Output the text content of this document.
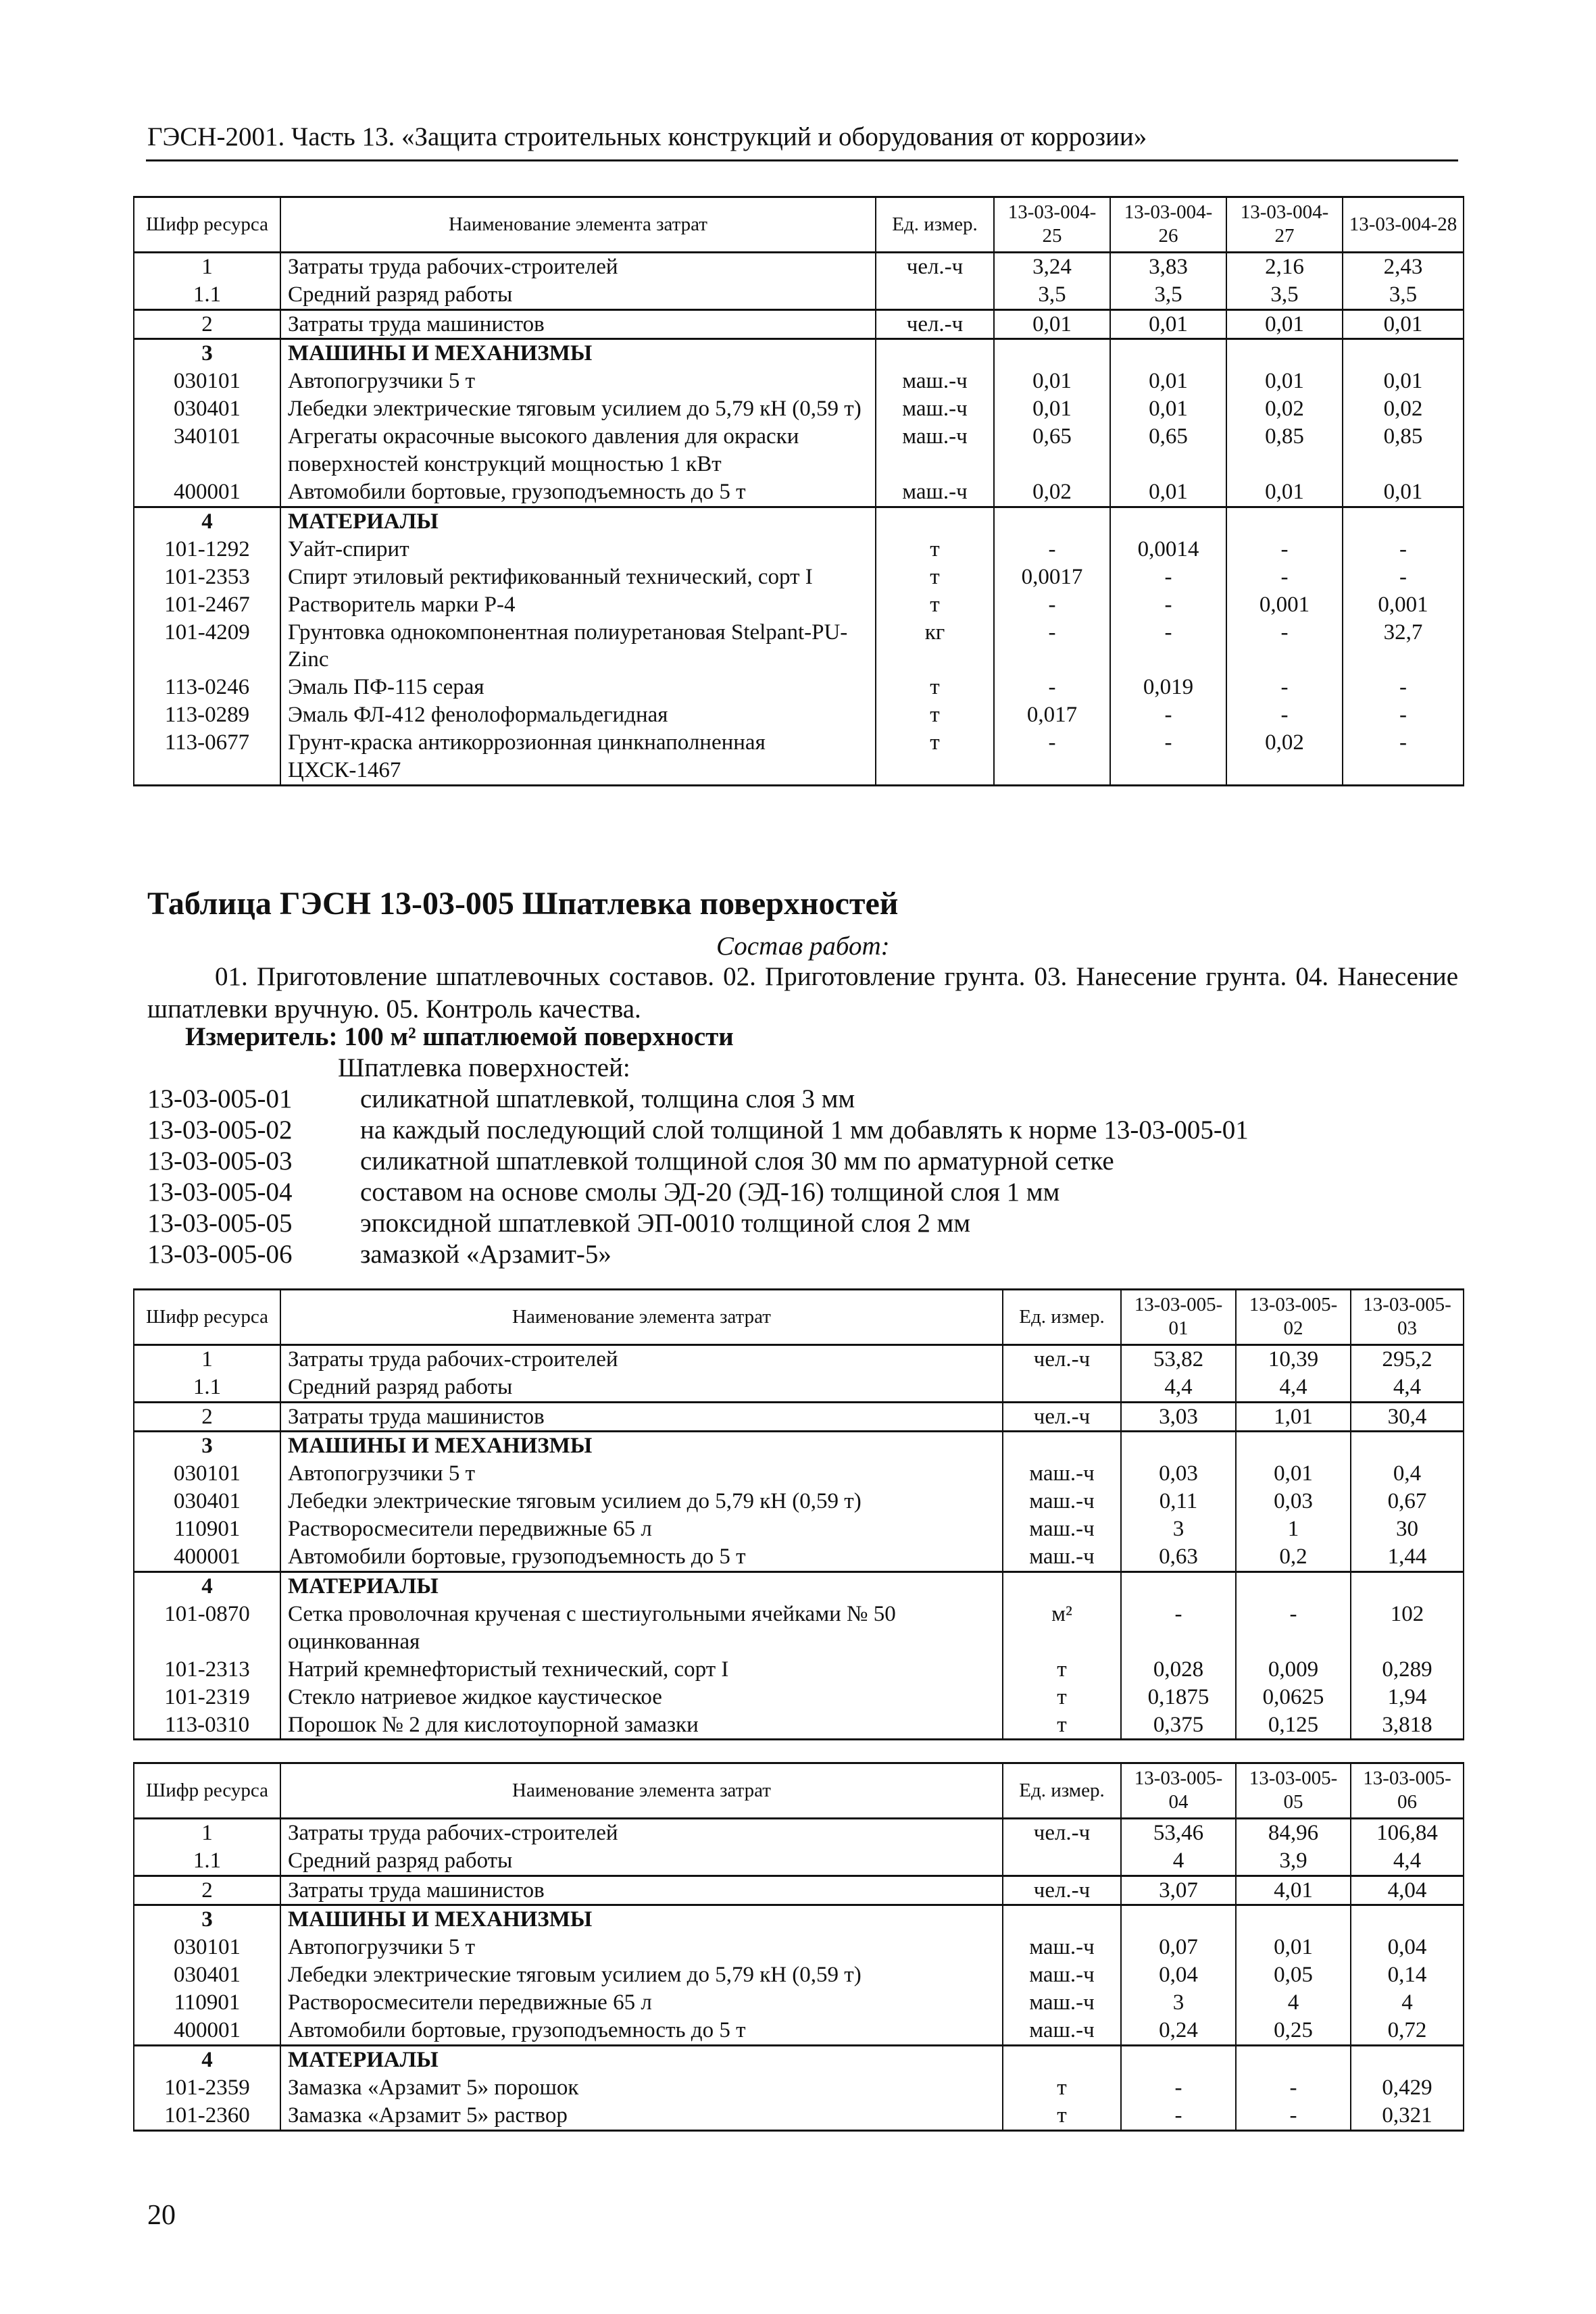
ГЭСН-2001. Часть 13. «Защита строительных конструкций и оборудования от коррозии»
Шифр ресурса	Наименование элемента затрат	Ед. измер.	13-03-004-25	13-03-004-26	13-03-004-27	13-03-004-28
1	Затраты труда рабочих-строителей	чел.-ч	3,24	3,83	2,16	2,43
1.1	Средний разряд работы		3,5	3,5	3,5	3,5
2	Затраты труда машинистов	чел.-ч	0,01	0,01	0,01	0,01
3	МАШИНЫ И МЕХАНИЗМЫ					
030101	Автопогрузчики 5 т	маш.-ч	0,01	0,01	0,01	0,01
030401	Лебедки электрические тяговым усилием до 5,79 кН (0,59 т)	маш.-ч	0,01	0,01	0,02	0,02
340101	Агрегаты окрасочные высокого давления для окраски поверхностей конструкций мощностью 1 кВт	маш.-ч	0,65	0,65	0,85	0,85
400001	Автомобили бортовые, грузоподъемность до 5 т	маш.-ч	0,02	0,01	0,01	0,01
4	МАТЕРИАЛЫ					
101-1292	Уайт-спирит	т	-	0,0014	-	-
101-2353	Спирт этиловый ректификованный технический, сорт I	т	0,0017	-	-	-
101-2467	Растворитель марки Р-4	т	-	-	0,001	0,001
101-4209	Грунтовка однокомпонентная полиуретановая Stelpant-PU-Zinc	кг	-	-	-	32,7
113-0246	Эмаль ПФ-115 серая	т	-	0,019	-	-
113-0289	Эмаль ФЛ-412 фенолоформальдегидная	т	0,017	-	-	-
113-0677	Грунт-краска антикоррозионная цинкнаполненная ЦХСК-1467	т	-	-	0,02	-
Таблица ГЭСН 13-03-005 Шпатлевка поверхностей
Состав работ:
01. Приготовление шпатлевочных составов. 02. Приготовление грунта. 03. Нанесение грунта. 04. Нанесение шпатлевки вручную. 05. Контроль качества.
Измеритель: 100 м² шпатлюемой поверхности
Шпатлевка поверхностей:
13-03-005-01	силикатной шпатлевкой, толщина слоя 3 мм
13-03-005-02	на каждый последующий слой толщиной 1 мм добавлять к норме 13-03-005-01
13-03-005-03	силикатной шпатлевкой толщиной слоя 30 мм по арматурной сетке
13-03-005-04	составом на основе смолы ЭД-20 (ЭД-16) толщиной слоя 1 мм
13-03-005-05	эпоксидной шпатлевкой ЭП-0010 толщиной слоя 2 мм
13-03-005-06	замазкой «Арзамит-5»
Шифр ресурса	Наименование элемента затрат	Ед. измер.	13-03-005-01	13-03-005-02	13-03-005-03
1	Затраты труда рабочих-строителей	чел.-ч	53,82	10,39	295,2
1.1	Средний разряд работы		4,4	4,4	4,4
2	Затраты труда машинистов	чел.-ч	3,03	1,01	30,4
3	МАШИНЫ И МЕХАНИЗМЫ				
030101	Автопогрузчики 5 т	маш.-ч	0,03	0,01	0,4
030401	Лебедки электрические тяговым усилием до 5,79 кН (0,59 т)	маш.-ч	0,11	0,03	0,67
110901	Растворосмесители передвижные 65 л	маш.-ч	3	1	30
400001	Автомобили бортовые, грузоподъемность до 5 т	маш.-ч	0,63	0,2	1,44
4	МАТЕРИАЛЫ				
101-0870	Сетка проволочная крученая с шестиугольными ячейками № 50 оцинкованная	м²	-	-	102
101-2313	Натрий кремнефтористый технический, сорт I	т	0,028	0,009	0,289
101-2319	Стекло натриевое жидкое каустическое	т	0,1875	0,0625	1,94
113-0310	Порошок № 2 для кислотоупорной замазки	т	0,375	0,125	3,818
Шифр ресурса	Наименование элемента затрат	Ед. измер.	13-03-005-04	13-03-005-05	13-03-005-06
1	Затраты труда рабочих-строителей	чел.-ч	53,46	84,96	106,84
1.1	Средний разряд работы		4	3,9	4,4
2	Затраты труда машинистов	чел.-ч	3,07	4,01	4,04
3	МАШИНЫ И МЕХАНИЗМЫ				
030101	Автопогрузчики 5 т	маш.-ч	0,07	0,01	0,04
030401	Лебедки электрические тяговым усилием до 5,79 кН (0,59 т)	маш.-ч	0,04	0,05	0,14
110901	Растворосмесители передвижные 65 л	маш.-ч	3	4	4
400001	Автомобили бортовые, грузоподъемность до 5 т	маш.-ч	0,24	0,25	0,72
4	МАТЕРИАЛЫ				
101-2359	Замазка «Арзамит 5» порошок	т	-	-	0,429
101-2360	Замазка «Арзамит 5» раствор	т	-	-	0,321
20
